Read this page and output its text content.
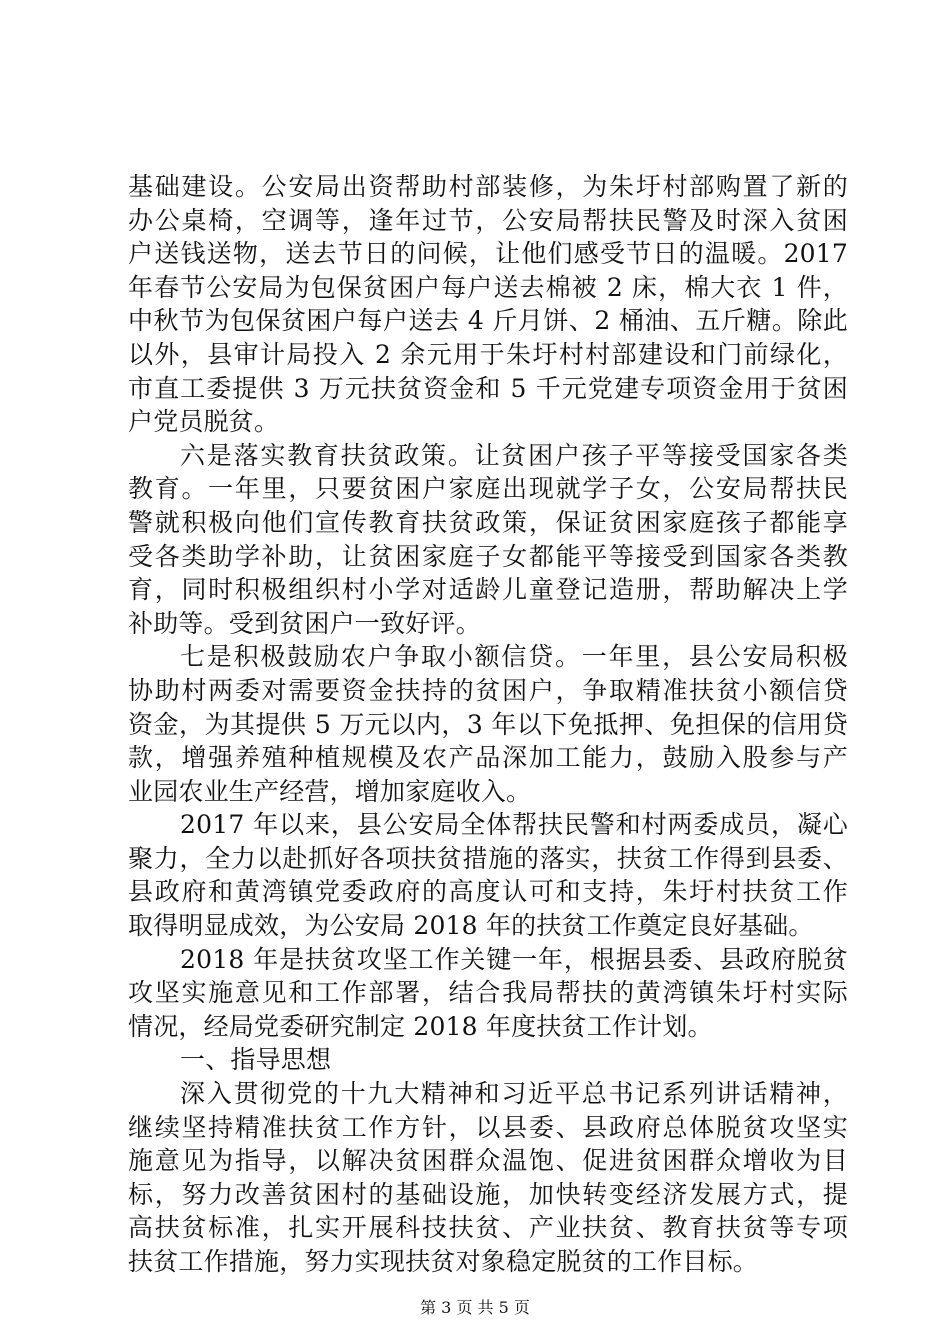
基础建设。公安局出资帮助村部装修，为朱圩村部购置了新的
办公桌椅，空调等，逢年过节，公安局帮扶民警及时深入贫困
户送钱送物，送去节日的问候，让他们感受节日的温暖。2017
年春节公安局为包保贫困户每户送去棉被 2 床，棉大衣 1 件，
中秋节为包保贫困户每户送去 4 斤月饼、2 桶油、五斤糖。除此
以外，县审计局投入 2 余元用于朱圩村村部建设和门前绿化，
市直工委提供 3 万元扶贫资金和 5 千元党建专项资金用于贫困
户党员脱贫。
六是落实教育扶贫政策。让贫困户孩子平等接受国家各类
教育。一年里，只要贫困户家庭出现就学子女，公安局帮扶民
警就积极向他们宣传教育扶贫政策，保证贫困家庭孩子都能享
受各类助学补助，让贫困家庭子女都能平等接受到国家各类教
育，同时积极组织村小学对适龄儿童登记造册，帮助解决上学
补助等。受到贫困户一致好评。
七是积极鼓励农户争取小额信贷。一年里，县公安局积极
协助村两委对需要资金扶持的贫困户，争取精准扶贫小额信贷
资金，为其提供 5 万元以内，3 年以下免抵押、免担保的信用贷
款，增强养殖种植规模及农产品深加工能力，鼓励入股参与产
业园农业生产经营，增加家庭收入。
2017 年以来，县公安局全体帮扶民警和村两委成员，凝心
聚力，全力以赴抓好各项扶贫措施的落实，扶贫工作得到县委、
县政府和黄湾镇党委政府的高度认可和支持，朱圩村扶贫工作
取得明显成效，为公安局 2018 年的扶贫工作奠定良好基础。
2018 年是扶贫攻坚工作关键一年，根据县委、县政府脱贫
攻坚实施意见和工作部署，结合我局帮扶的黄湾镇朱圩村实际
情况，经局党委研究制定 2018 年度扶贫工作计划。
一、指导思想
深入贯彻党的十九大精神和习近平总书记系列讲话精神，
继续坚持精准扶贫工作方针，以县委、县政府总体脱贫攻坚实
施意见为指导，以解决贫困群众温饱、促进贫困群众增收为目
标，努力改善贫困村的基础设施，加快转变经济发展方式，提
高扶贫标准，扎实开展科技扶贫、产业扶贫、教育扶贫等专项
扶贫工作措施，努力实现扶贫对象稳定脱贫的工作目标。
第 3 页 共 5 页
